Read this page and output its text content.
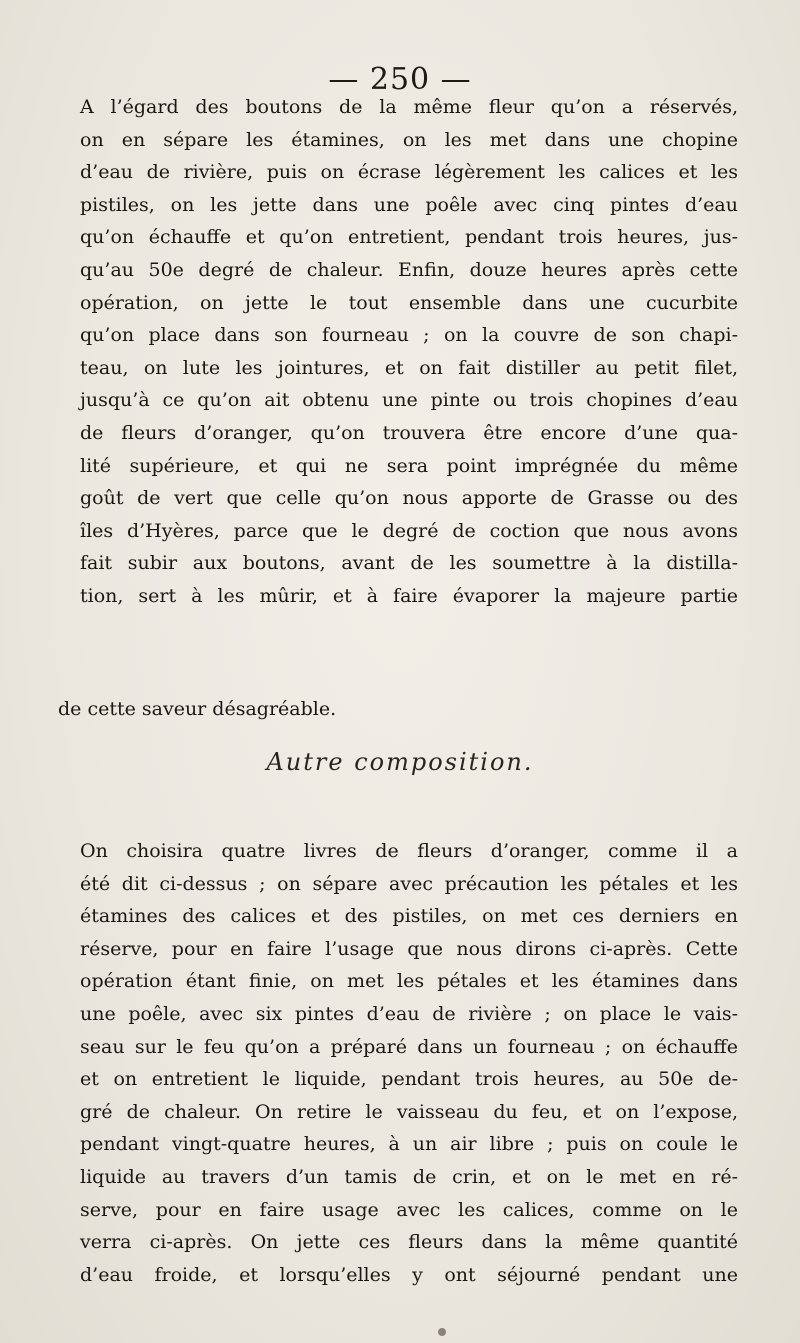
— 250 —
A l’égard des boutons de la même fleur qu’on a réservés,
on en sépare les étamines, on les met dans une chopine
d’eau de rivière, puis on écrase légèrement les calices et les
pistiles, on les jette dans une poêle avec cinq pintes d’eau
qu’on échauffe et qu’on entretient, pendant trois heures, jus-
qu’au 50e degré de chaleur. Enfin, douze heures après cette
opération, on jette le tout ensemble dans une cucurbite
qu’on place dans son fourneau ; on la couvre de son chapi-
teau, on lute les jointures, et on fait distiller au petit filet,
jusqu’à ce qu’on ait obtenu une pinte ou trois chopines d’eau
de fleurs d’oranger, qu’on trouvera être encore d’une qua-
lité supérieure, et qui ne sera point imprégnée du même
goût de vert que celle qu’on nous apporte de Grasse ou des
îles d’Hyères, parce que le degré de coction que nous avons
fait subir aux boutons, avant de les soumettre à la distilla-
tion, sert à les mûrir, et à faire évaporer la majeure partie
de cette saveur désagréable.
Autre composition.
On choisira quatre livres de fleurs d’oranger, comme il a
été dit ci-dessus ; on sépare avec précaution les pétales et les
étamines des calices et des pistiles, on met ces derniers en
réserve, pour en faire l’usage que nous dirons ci-après. Cette
opération étant finie, on met les pétales et les étamines dans
une poêle, avec six pintes d’eau de rivière ; on place le vais-
seau sur le feu qu’on a préparé dans un fourneau ; on échauffe
et on entretient le liquide, pendant trois heures, au 50e de-
gré de chaleur. On retire le vaisseau du feu, et on l’expose,
pendant vingt-quatre heures, à un air libre ; puis on coule le
liquide au travers d’un tamis de crin, et on le met en ré-
serve, pour en faire usage avec les calices, comme on le
verra ci-après. On jette ces fleurs dans la même quantité
d’eau froide, et lorsqu’elles y ont séjourné pendant une
